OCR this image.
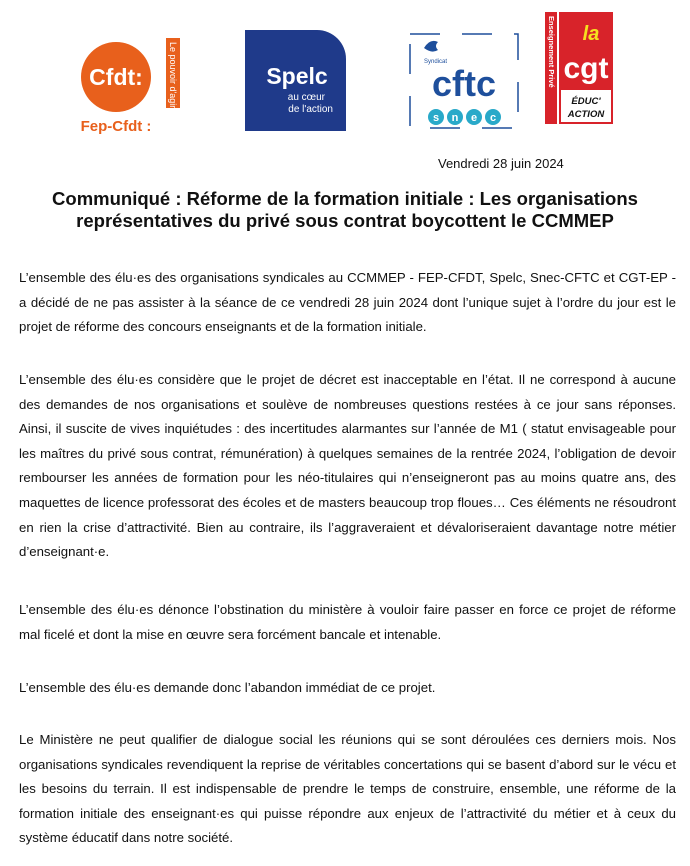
Cfdt:
Fep-Cfdt :
Le pouvoir d'agir !	Spelc
au cœur
de l'action
Syndicat
cftc
s n e c
Enseignement Privé la
cgt
ÉDUC'
ACTION
Vendredi 28 juin 2024
Communiqué : Réforme de la formation initiale : Les organisations
représentatives du privé sous contrat boycottent le CCMMEP

L’ensemble des élu·es des organisations syndicales au CCMMEP - FEP-CFDT, Spelc, Snec-CFTC et CGT-EP - a décidé de ne pas assister à la séance de ce vendredi 28 juin 2024 dont l’unique sujet à l’ordre du jour est le projet de réforme des concours enseignants et de la formation initiale.

L’ensemble des élu·es considère que le projet de décret est inacceptable en l’état. Il ne correspond à aucune des demandes de nos organisations et soulève de nombreuses questions restées à ce jour sans réponses. Ainsi, il suscite de vives inquiétudes : des incertitudes alarmantes sur l’année de M1 ( statut envisageable pour les maîtres du privé sous contrat, rémunération) à quelques semaines de la rentrée 2024, l’obligation de devoir rembourser les années de formation pour les néo-titulaires qui n’enseigneront pas au moins quatre ans, des maquettes de licence professorat des écoles et de masters beaucoup trop floues… Ces éléments ne résoudront en rien la crise d’attractivité. Bien au contraire, ils l’aggraveraient et dévaloriseraient davantage notre métier d’enseignant·e.

L’ensemble des élu·es dénonce l’obstination du ministère à vouloir faire passer en force ce projet de réforme mal ficelé et dont la mise en œuvre sera forcément bancale et intenable.

L’ensemble des élu·es demande donc l’abandon immédiat de ce projet.

Le Ministère ne peut qualifier de dialogue social les réunions qui se sont déroulées ces derniers mois. Nos organisations syndicales revendiquent la reprise de véritables concertations qui se basent d’abord sur le vécu et les besoins du terrain. Il est indispensable de prendre le temps de construire, ensemble, une réforme de la formation initiale des enseignant·es qui puisse répondre aux enjeux de l’attractivité du métier et à ceux du système éducatif dans notre société.
